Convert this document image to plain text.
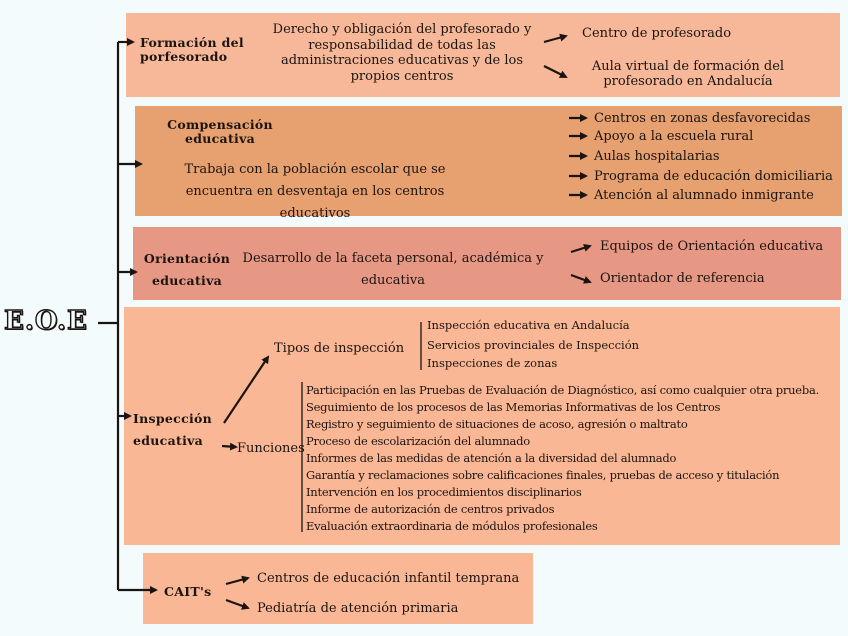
E.O.E
Formación del porfesorado
Derecho y obligación del profesorado y responsabilidad de todas las administraciones educativas y de los propios centros
Centro de profesorado
Aula virtual de formación del profesorado en Andalucía
Compensación educativa
Trabaja con la población escolar que se encuentra en desventaja en los centros educativos
Centros en zonas desfavorecidas
Apoyo a la escuela rural
Aulas hospitalarias
Programa de educación domiciliaria
Atención al alumnado inmigrante
Orientación educativa
Desarrollo de la faceta personal, académica y educativa
Equipos de Orientación educativa
Orientador de referencia
Inspección educativa
Tipos de inspección
Inspección educativa en Andalucía
Servicios provinciales de Inspección
Inspecciones de zonas
Funciones
Participación en las Pruebas de Evaluación de Diagnóstico, así como cualquier otra prueba.
Seguimiento de los procesos de las Memorias Informativas de los Centros
Registro y seguimiento de situaciones de acoso, agresión o maltrato
Proceso de escolarización del alumnado
Informes de las medidas de atención a la diversidad del alumnado
Garantía y reclamaciones sobre calificaciones finales, pruebas de acceso y titulación
Intervención en los procedimientos disciplinarios
Informe de autorización de centros privados
Evaluación extraordinaria de módulos profesionales
CAIT's
Centros de educación infantil temprana
Pediatría de atención primaria
